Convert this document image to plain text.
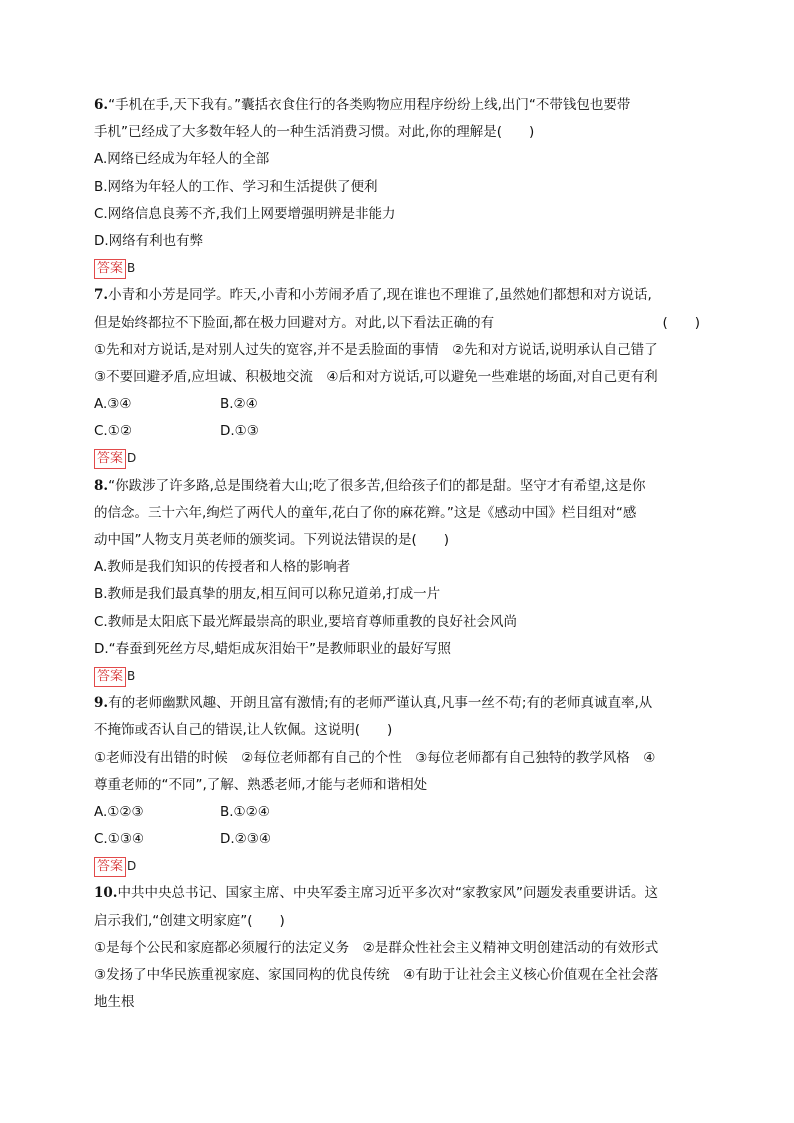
6.“手机在手,天下我有。”囊括衣食住行的各类购物应用程序纷纷上线,出门“不带钱包也要带
手机”已经成了大多数年轻人的一种生活消费习惯。对此,你的理解是(　　)
A.网络已经成为年轻人的全部
B.网络为年轻人的工作、学习和生活提供了便利
C.网络信息良莠不齐,我们上网要增强明辨是非能力
D.网络有利也有弊
答案 B
7.小青和小芳是同学。昨天,小青和小芳闹矛盾了,现在谁也不理谁了,虽然她们都想和对方说话,
但是始终都拉不下脸面,都在极力回避对方。对此,以下看法正确的有	(　　)
①先和对方说话,是对别人过失的宽容,并不是丢脸面的事情　②先和对方说话,说明承认自己错了
③不要回避矛盾,应坦诚、积极地交流　④后和对方说话,可以避免一些难堪的场面,对自己更有利
A.③④	B.②④
C.①②	D.①③
答案 D
8.“你跋涉了许多路,总是围绕着大山;吃了很多苦,但给孩子们的都是甜。坚守才有希望,这是你
的信念。三十六年,绚烂了两代人的童年,花白了你的麻花辫。”这是《感动中国》栏目组对“感
动中国”人物支月英老师的颁奖词。下列说法错误的是(　　)
A.教师是我们知识的传授者和人格的影响者
B.教师是我们最真挚的朋友,相互间可以称兄道弟,打成一片
C.教师是太阳底下最光辉最崇高的职业,要培育尊师重教的良好社会风尚
D.“春蚕到死丝方尽,蜡炬成灰泪始干”是教师职业的最好写照
答案 B
9.有的老师幽默风趣、开朗且富有激情;有的老师严谨认真,凡事一丝不苟;有的老师真诚直率,从
不掩饰或否认自己的错误,让人钦佩。这说明(　　)
①老师没有出错的时候　②每位老师都有自己的个性　③每位老师都有自己独特的教学风格　④
尊重老师的“不同”,了解、熟悉老师,才能与老师和谐相处
A.①②③	B.①②④
C.①③④	D.②③④
答案 D
10.中共中央总书记、国家主席、中央军委主席习近平多次对“家教家风”问题发表重要讲话。这
启示我们,“创建文明家庭”(　　)
①是每个公民和家庭都必须履行的法定义务　②是群众性社会主义精神文明创建活动的有效形式
③发扬了中华民族重视家庭、家国同构的优良传统　④有助于让社会主义核心价值观在全社会落
地生根
